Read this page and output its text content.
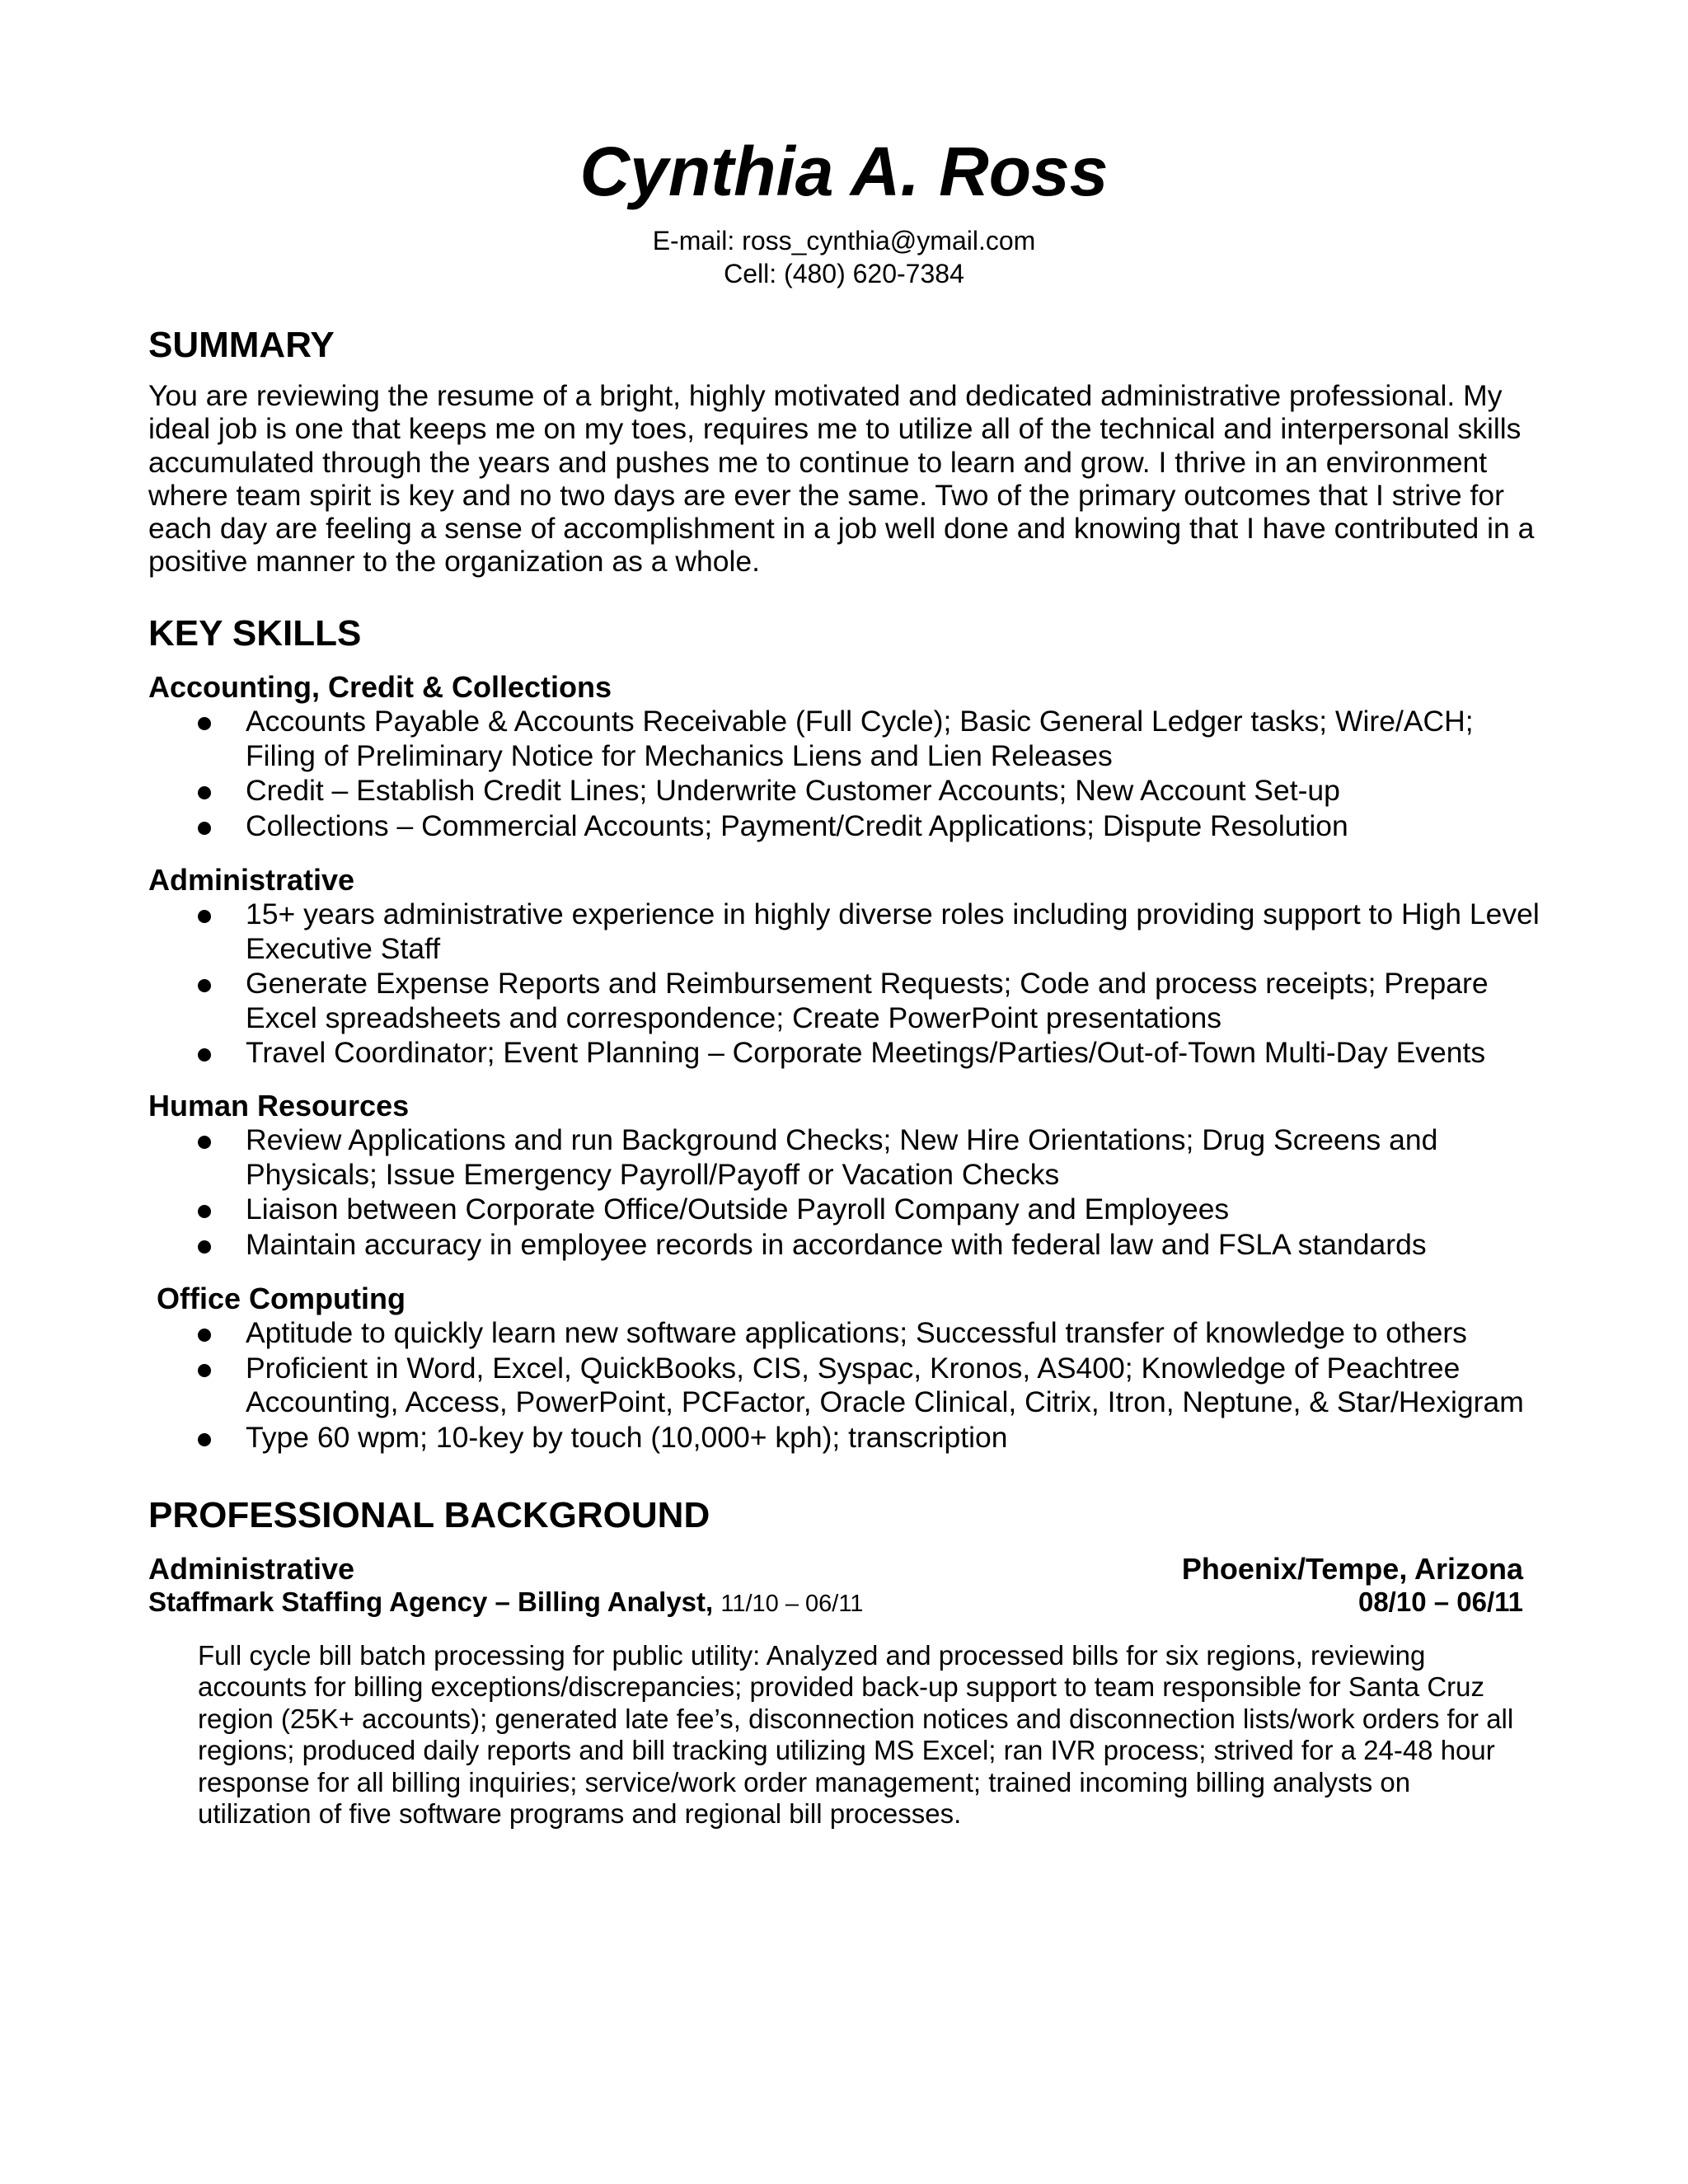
Cynthia A. Ross
E-mail: ross_cynthia@ymail.com
Cell: (480) 620-7384
SUMMARY

You are reviewing the resume of a bright, highly motivated and dedicated administrative professional. My
ideal job is one that keeps me on my toes, requires me to utilize all of the technical and interpersonal skills
accumulated through the years and pushes me to continue to learn and grow. I thrive in an environment
where team spirit is key and no two days are ever the same. Two of the primary outcomes that I strive for
each day are feeling a sense of accomplishment in a job well done and knowing that I have contributed in a
positive manner to the organization as a whole.

KEY SKILLS
Accounting, Credit & Collections
Accounts Payable & Accounts Receivable (Full Cycle); Basic General Ledger tasks; Wire/ACH;
Filing of Preliminary Notice for Mechanics Liens and Lien Releases
Credit – Establish Credit Lines; Underwrite Customer Accounts; New Account Set-up
Collections – Commercial Accounts; Payment/Credit Applications; Dispute Resolution
Administrative
15+ years administrative experience in highly diverse roles including providing support to High Level
Executive Staff
Generate Expense Reports and Reimbursement Requests; Code and process receipts; Prepare
Excel spreadsheets and correspondence; Create PowerPoint presentations
Travel Coordinator; Event Planning – Corporate Meetings/Parties/Out-of-Town Multi-Day Events
Human Resources
Review Applications and run Background Checks; New Hire Orientations; Drug Screens and
Physicals; Issue Emergency Payroll/Payoff or Vacation Checks
Liaison between Corporate Office/Outside Payroll Company and Employees
Maintain accuracy in employee records in accordance with federal law and FSLA standards
Office Computing
Aptitude to quickly learn new software applications; Successful transfer of knowledge to others
Proficient in Word, Excel, QuickBooks, CIS, Syspac, Kronos, AS400; Knowledge of Peachtree
Accounting, Access, PowerPoint, PCFactor, Oracle Clinical, Citrix, Itron, Neptune, & Star/Hexigram
Type 60 wpm; 10-key by touch (10,000+ kph); transcription
PROFESSIONAL BACKGROUND
Administrative	Phoenix/Tempe, Arizona
Staffmark Staffing Agency – Billing Analyst, 11/10 – 06/11	08/10 – 06/11

Full cycle bill batch processing for public utility: Analyzed and processed bills for six regions, reviewing
accounts for billing exceptions/discrepancies; provided back-up support to team responsible for Santa Cruz
region (25K+ accounts); generated late fee’s, disconnection notices and disconnection lists/work orders for all
regions; produced daily reports and bill tracking utilizing MS Excel; ran IVR process; strived for a 24-48 hour
response for all billing inquiries; service/work order management; trained incoming billing analysts on
utilization of five software programs and regional bill processes.
